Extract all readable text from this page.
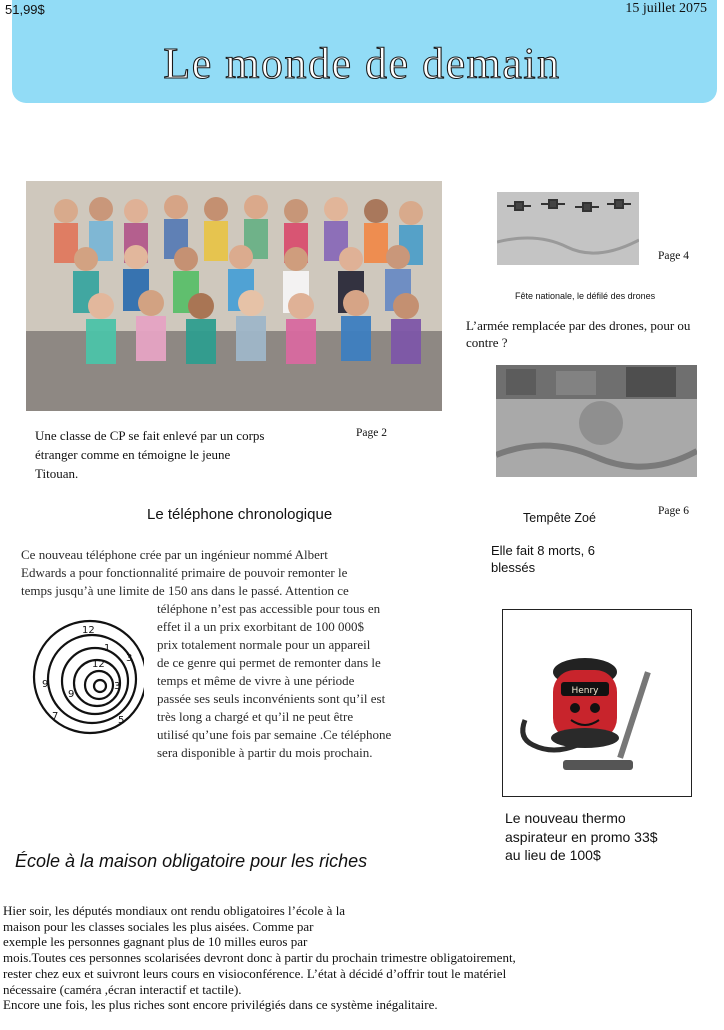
51,99$	15 juillet 2075
Le monde de demain
Une classe de CP se fait enlevé par un corps
étranger comme en témoigne le jeune
Titouan.
Page 2
Le téléphone chronologique
Ce nouveau téléphone crée par un ingénieur nommé Albert
Edwards a pour fonctionnalité primaire de pouvoir remonter le
temps jusqu’à une limite de 150 ans dans le passé. Attention ce
12
3
5
9
7
1
12
3
9
téléphone n’est pas accessible pour tous en
effet il a un prix exorbitant de 100 000$
prix totalement normale pour un appareil
de ce genre qui permet de remonter dans le
temps et même de vivre à une période
passée ses seuls inconvénients sont qu’il est
très long a chargé et qu’il ne peut être
utilisé qu’une fois par semaine .Ce téléphone
sera disponible à partir du mois prochain.
Page 4
Fête nationale, le défilé des drones
L’armée remplacée par des drones, pour ou
contre ?
Tempête Zoé	Page 6
Elle fait 8 morts, 6
blessés
Henry
Le nouveau thermo
aspirateur en promo 33$
au lieu de 100$
École à la maison obligatoire pour les riches
Hier soir, les députés mondiaux ont rendu obligatoires l’école à la
maison pour les classes sociales les plus aisées. Comme par
exemple les personnes gagnant plus de 10 milles euros par
mois.Toutes ces personnes scolarisées devront donc à partir du prochain trimestre obligatoirement,
rester chez eux et suivront leurs cours en visioconférence. L’état à décidé d’offrir tout le matériel
nécessaire (caméra ,écran interactif et tactile).
Encore une fois, les plus riches sont encore privilégiés dans ce système inégalitaire.
